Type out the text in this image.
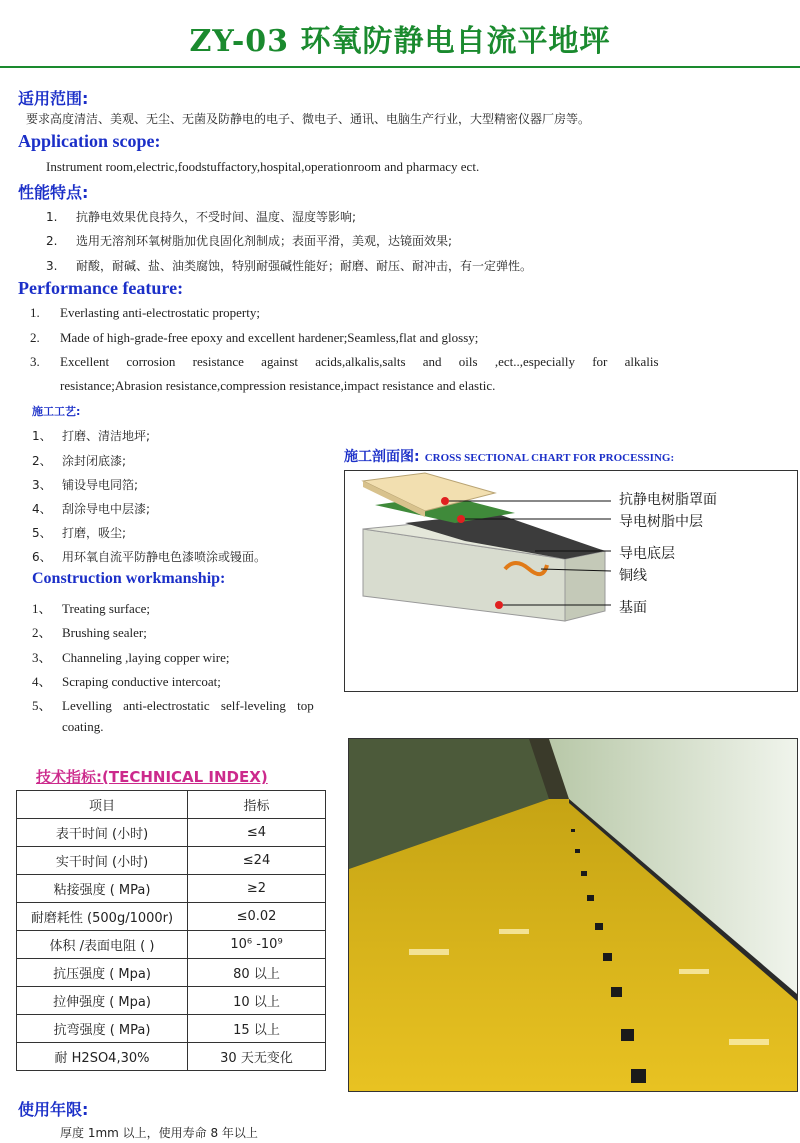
ZY-03 环氧防静电自流平地坪
适用范围:
要求高度清洁、美观、无尘、无菌及防静电的电子、微电子、通讯、电脑生产行业，大型精密仪器厂房等。
Application scope:
Instrument room,electric,foodstuffactory,hospital,operationroom and pharmacy ect.
性能特点:
1. 抗静电效果优良持久，不受时间、温度、湿度等影响;
2. 选用无溶剂环氧树脂加优良固化剂制成；表面平滑，美观，达镜面效果;
3. 耐酸，耐碱、盐、油类腐蚀，特别耐强碱性能好；耐磨、耐压、耐冲击，有一定弹性。
Performance feature:
1. Everlasting anti-electrostatic property;
2. Made of high-grade-free epoxy and excellent hardener;Seamless,flat and glossy;
3. Excellent corrosion resistance against acids,alkalis,salts and oils ,ect..,especially for alkalis
resistance;Abrasion resistance,compression resistance,impact resistance and elastic.
施工工艺:
1、 打磨、清洁地坪;
2、 涂封闭底漆;
3、 铺设导电同箔;
4、 刮涂导电中层漆;
5、 打磨，吸尘;
6、 用环氧自流平防静电色漆喷涂或镘面。
Construction workmanship:
1、 Treating surface;
2、 Brushing sealer;
3、 Channeling ,laying copper wire;
4、 Scraping conductive intercoat;
5、 Levelling anti-electrostatic self-leveling top
coating.
施工剖面图: CROSS SECTIONAL CHART FOR PROCESSING:
抗静电树脂罩面
导电树脂中层
导电底层
铜线
基面
技术指标:(TECHNICAL INDEX)
项目	指标
表干时间 (小时)	≤4
实干时间 (小时)	≤24
粘接强度 ( MPa)	≥2
耐磨耗性 (500g/1000r)	≤0.02
体积 /表面电阻 ( )	10⁶ -10⁹
抗压强度 ( Mpa)	80 以上
拉伸强度 ( Mpa)	10 以上
抗弯强度 ( MPa)	15 以上
耐 H2SO4,30%	30 天无变化
使用年限:
厚度 1mm 以上，使用寿命 8 年以上
